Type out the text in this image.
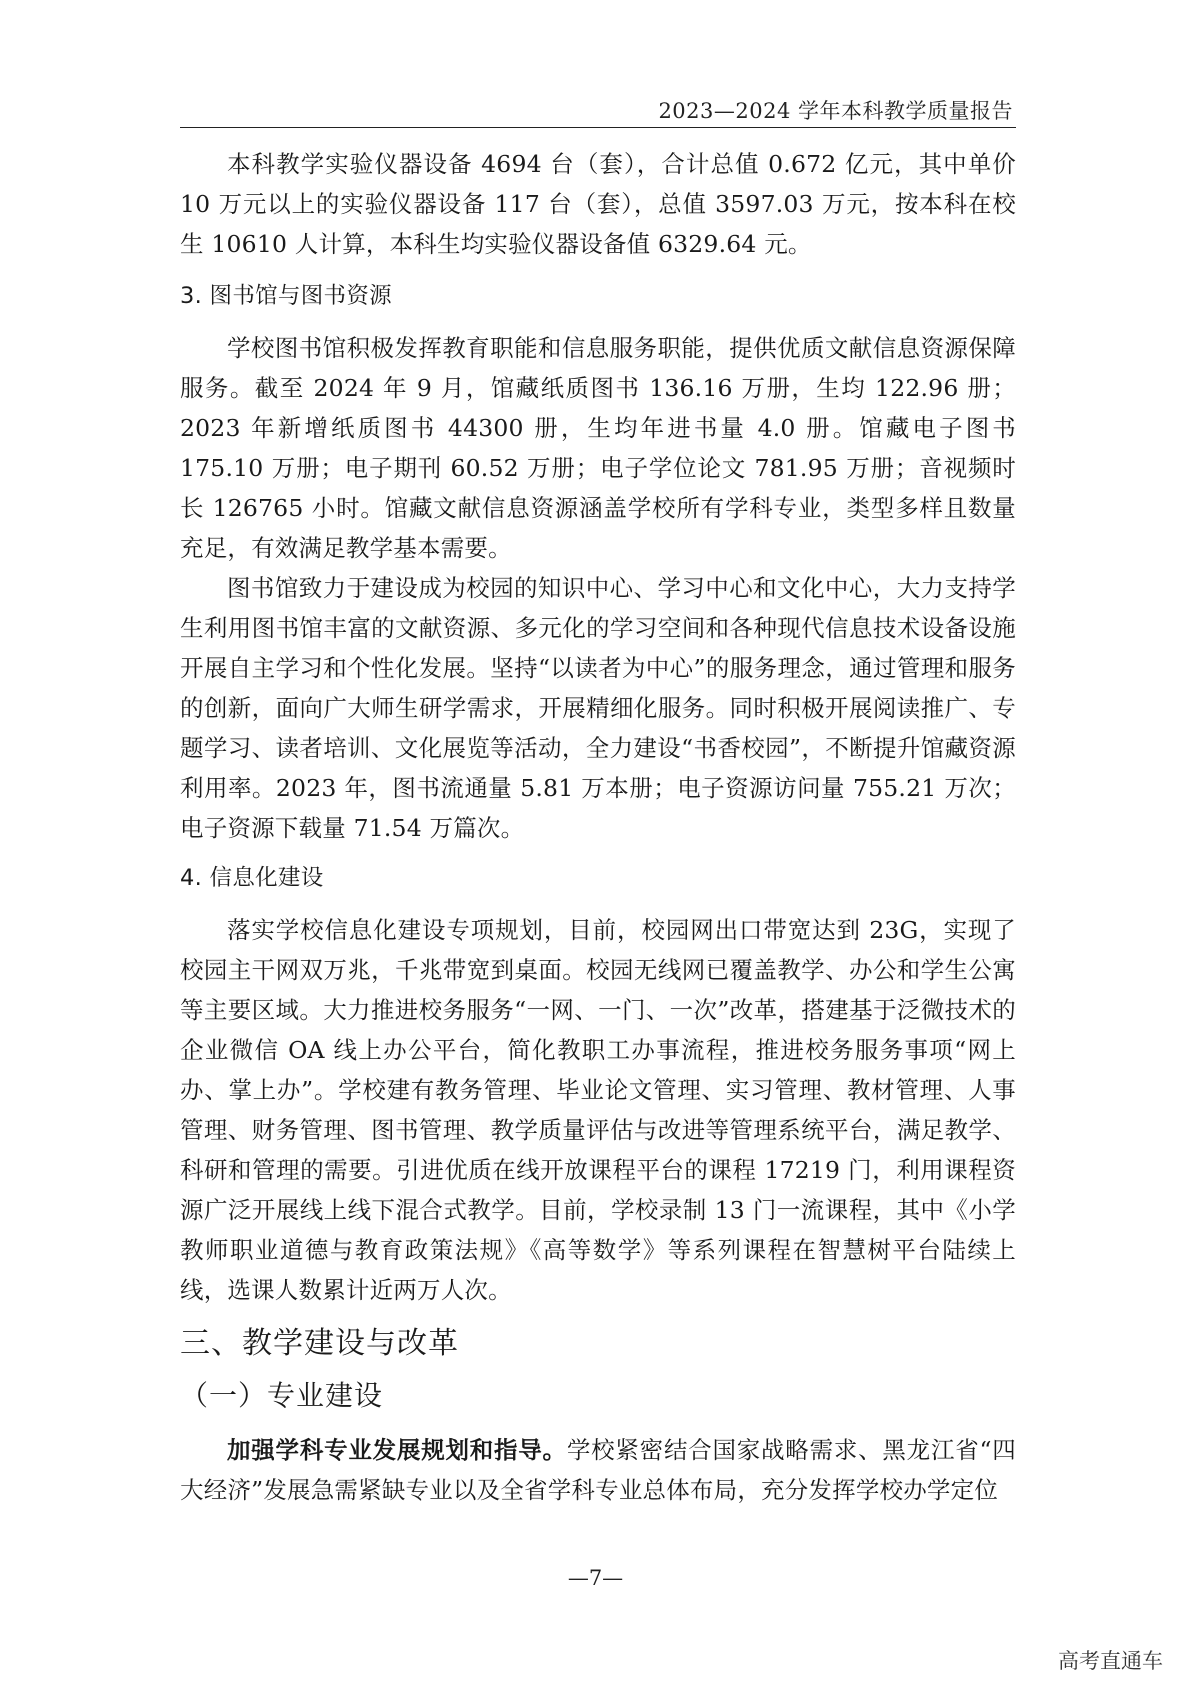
2023—2024 学年本科教学质量报告

本科教学实验仪器设备 4694 台（套），合计总值 0.672 亿元，其中单价 10 万元以上的实验仪器设备 117 台（套），总值 3597.03 万元，按本科在校生 10610 人计算，本科生均实验仪器设备值 6329.64 元。

3. 图书馆与图书资源

学校图书馆积极发挥教育职能和信息服务职能，提供优质文献信息资源保障服务。截至 2024 年 9 月，馆藏纸质图书 136.16 万册，生均 122.96 册；2023 年新增纸质图书 44300 册，生均年进书量 4.0 册。馆藏电子图书 175.10 万册；电子期刊 60.52 万册；电子学位论文 781.95 万册；音视频时长 126765 小时。馆藏文献信息资源涵盖学校所有学科专业，类型多样且数量充足，有效满足教学基本需要。

图书馆致力于建设成为校园的知识中心、学习中心和文化中心，大力支持学生利用图书馆丰富的文献资源、多元化的学习空间和各种现代信息技术设备设施开展自主学习和个性化发展。坚持“以读者为中心”的服务理念，通过管理和服务的创新，面向广大师生研学需求，开展精细化服务。同时积极开展阅读推广、专题学习、读者培训、文化展览等活动，全力建设“书香校园”，不断提升馆藏资源利用率。2023 年，图书流通量 5.81 万本册；电子资源访问量 755.21 万次；电子资源下载量 71.54 万篇次。

4. 信息化建设

落实学校信息化建设专项规划，目前，校园网出口带宽达到 23G，实现了校园主干网双万兆，千兆带宽到桌面。校园无线网已覆盖教学、办公和学生公寓等主要区域。大力推进校务服务“一网、一门、一次”改革，搭建基于泛微技术的企业微信 OA 线上办公平台，简化教职工办事流程，推进校务服务事项“网上办、掌上办”。学校建有教务管理、毕业论文管理、实习管理、教材管理、人事管理、财务管理、图书管理、教学质量评估与改进等管理系统平台，满足教学、科研和管理的需要。引进优质在线开放课程平台的课程 17219 门，利用课程资源广泛开展线上线下混合式教学。目前，学校录制 13 门一流课程，其中《小学教师职业道德与教育政策法规》《高等数学》等系列课程在智慧树平台陆续上线，选课人数累计近两万人次。

三、教学建设与改革
（一）专业建设

加强学科专业发展规划和指导。学校紧密结合国家战略需求、黑龙江省“四大经济”发展急需紧缺专业以及全省学科专业总体布局，充分发挥学校办学定位

—7—
高考直通车
